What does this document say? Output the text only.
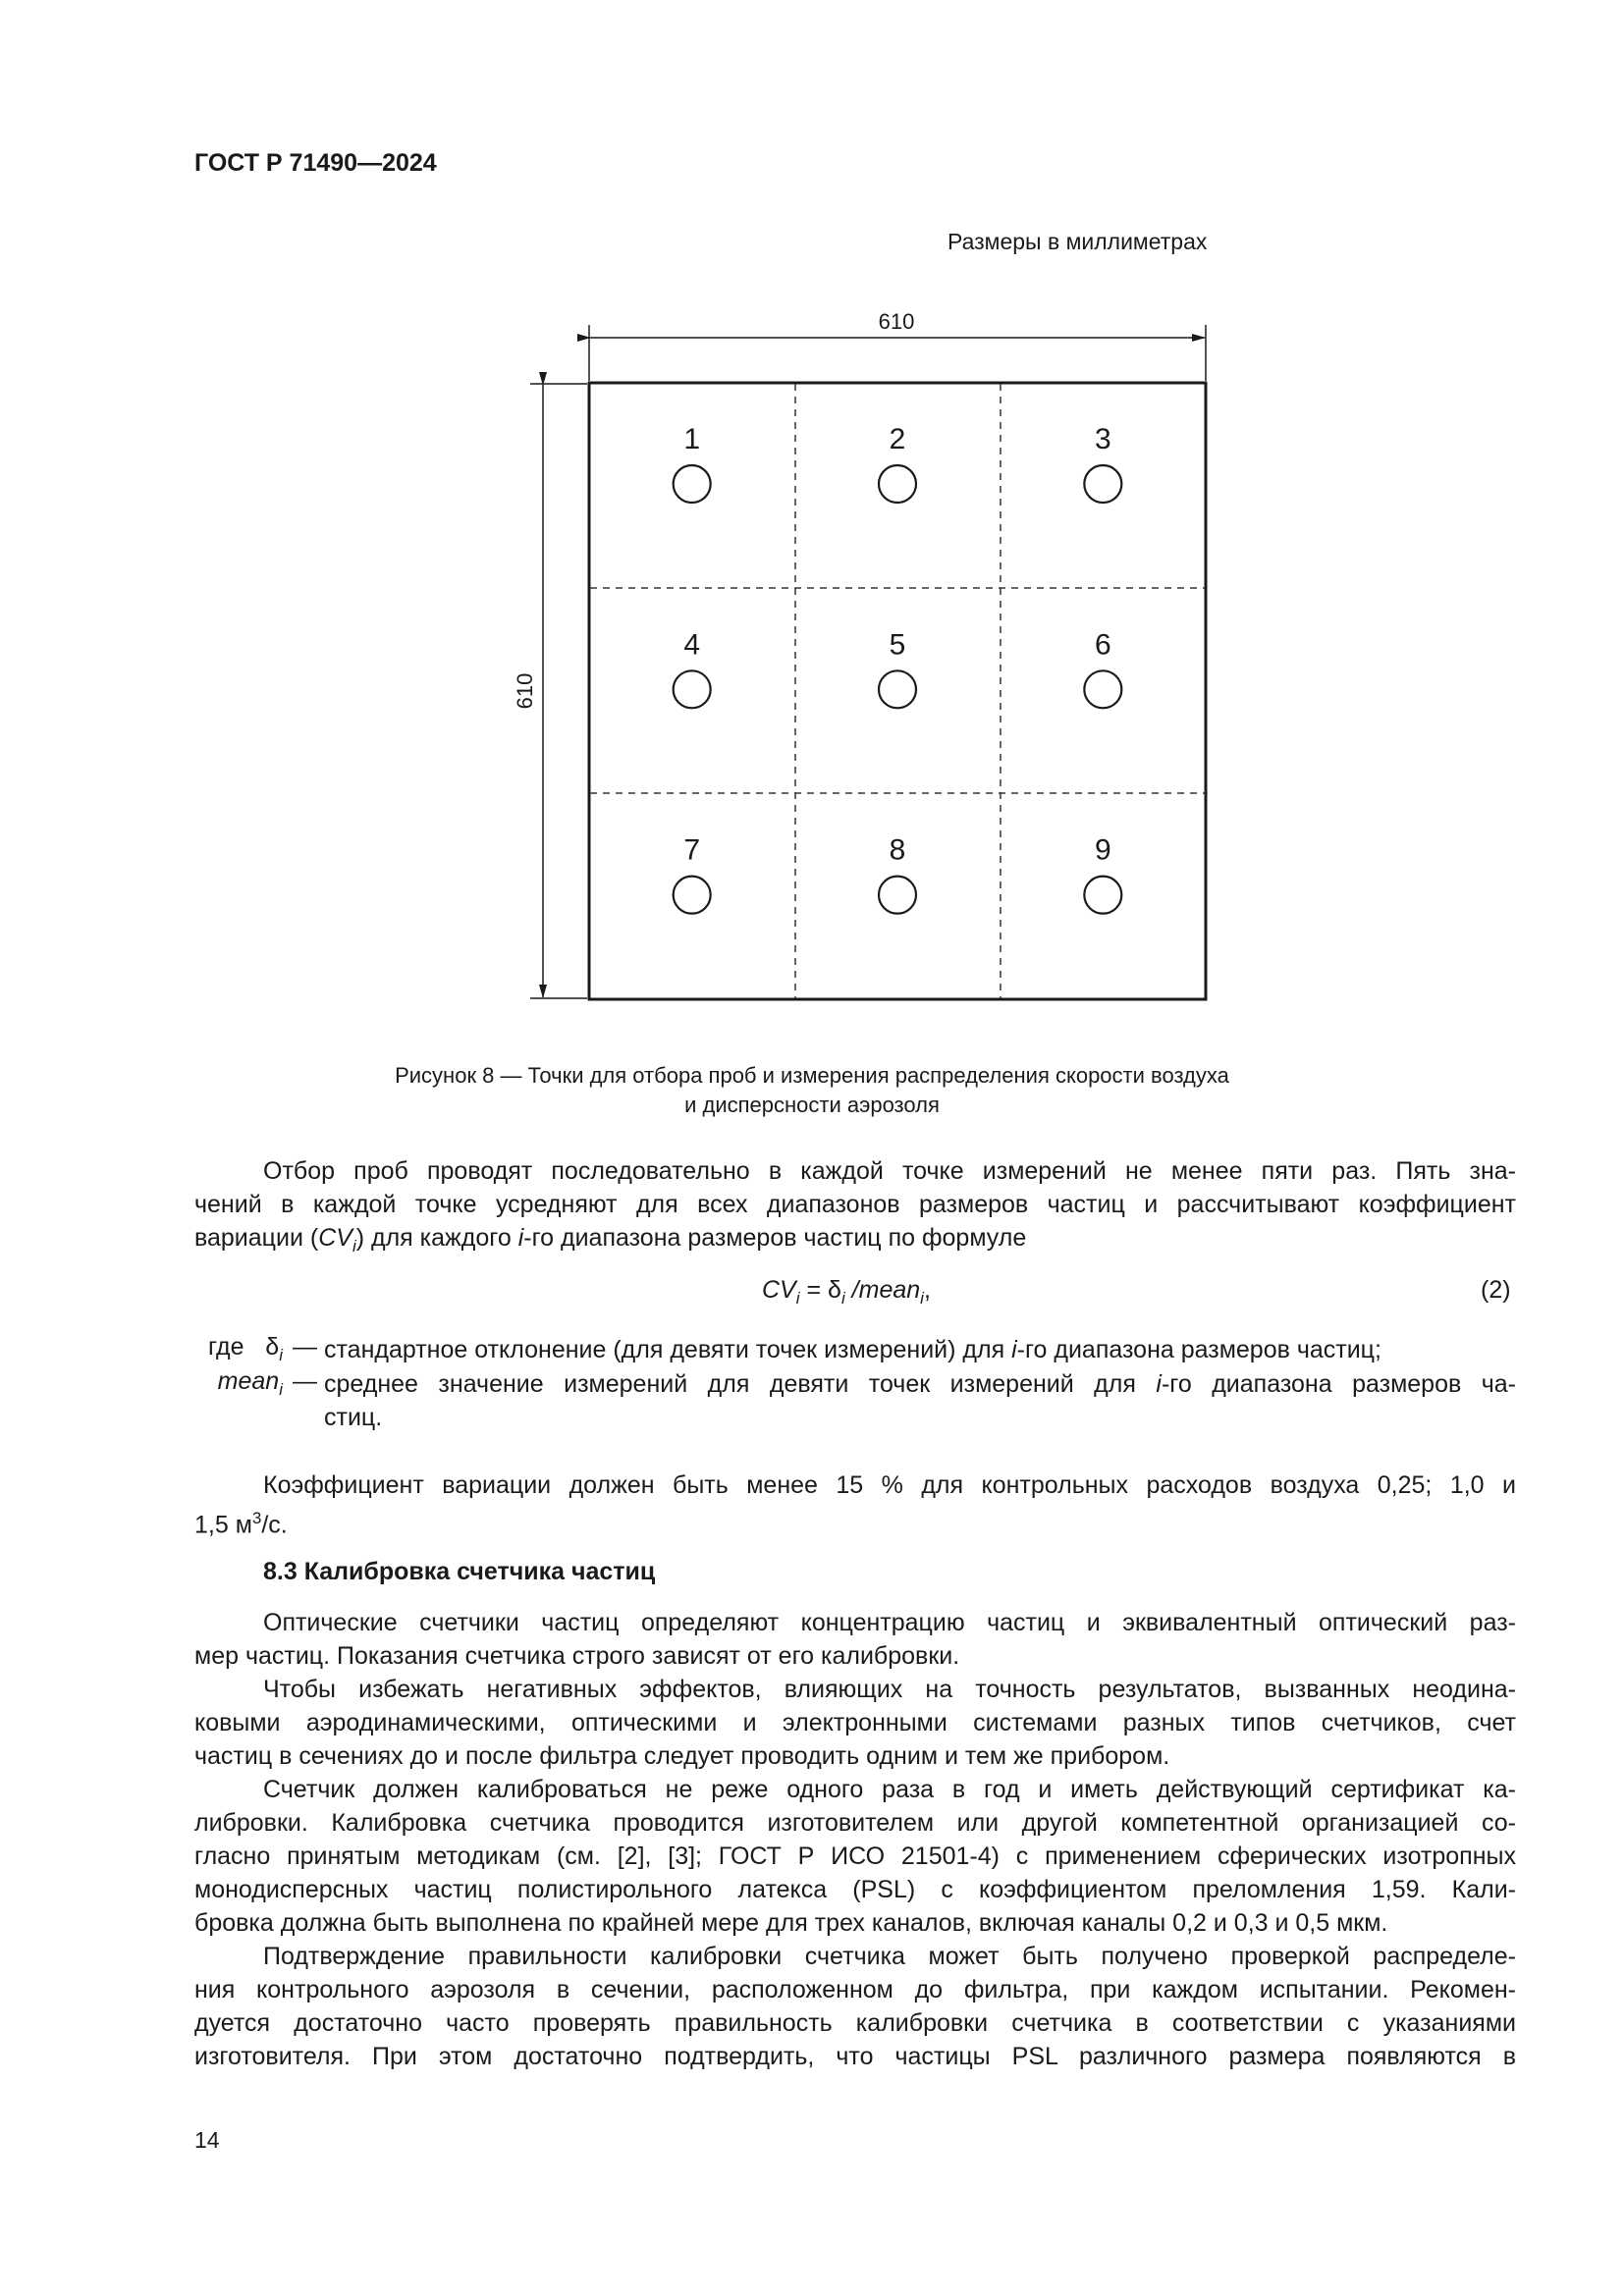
ГОСТ Р 71490—2024
Размеры в миллиметрах
610
610
1	2	3
4	5	6
7	8	9
Рисунок 8 — Точки для отбора проб и измерения распределения скорости воздуха
и дисперсности аэрозоля
Отбор проб проводят последовательно в каждой точке измерений не менее пяти раз. Пять зна-
чений в каждой точке усредняют для всех диапазонов размеров частиц и рассчитывают коэффициент
вариации $(CV_i)$ для каждого i-го диапазона размеров частиц по формуле
$CV_i = \delta_i$ /mean$_i$,	(2)
где $\delta_i$ — стандартное отклонение (для девяти точек измерений) для i-го диапазона размеров частиц;
mean$_i$ — среднее значение измерений для девяти точек измерений для i-го диапазона размеров ча-
стиц.
Коэффициент вариации должен быть менее 15 % для контрольных расходов воздуха 0,25; 1,0 и
1,5 $м^3/с$.
8.3 Калибровка счетчика частиц
Оптические счетчики частиц определяют концентрацию частиц и эквивалентный оптический раз-
мер частиц. Показания счетчика строго зависят от его калибровки.
Чтобы избежать негативных эффектов, влияющих на точность результатов, вызванных неодина-
ковыми аэродинамическими, оптическими и электронными системами разных типов счетчиков, счет
частиц в сечениях до и после фильтра следует проводить одним и тем же прибором.
Счетчик должен калиброваться не реже одного раза в год и иметь действующий сертификат ка-
либровки. Калибровка счетчика проводится изготовителем или другой компетентной организацией со-
гласно принятым методикам (см. [2], [3]; ГОСТ Р ИСО 21501-4) с применением сферических изотропных
монодисперсных частиц полистирольного латекса (PSL) с коэффициентом преломления 1,59. Кали-
бровка должна быть выполнена по крайней мере для трех каналов, включая каналы 0,2 и 0,3 и 0,5 мкм.
Подтверждение правильности калибровки счетчика может быть получено проверкой распределе-
ния контрольного аэрозоля в сечении, расположенном до фильтра, при каждом испытании. Рекомен-
дуется достаточно часто проверять правильность калибровки счетчика в соответствии с указаниями
изготовителя. При этом достаточно подтвердить, что частицы PSL различного размера появляются в
14
